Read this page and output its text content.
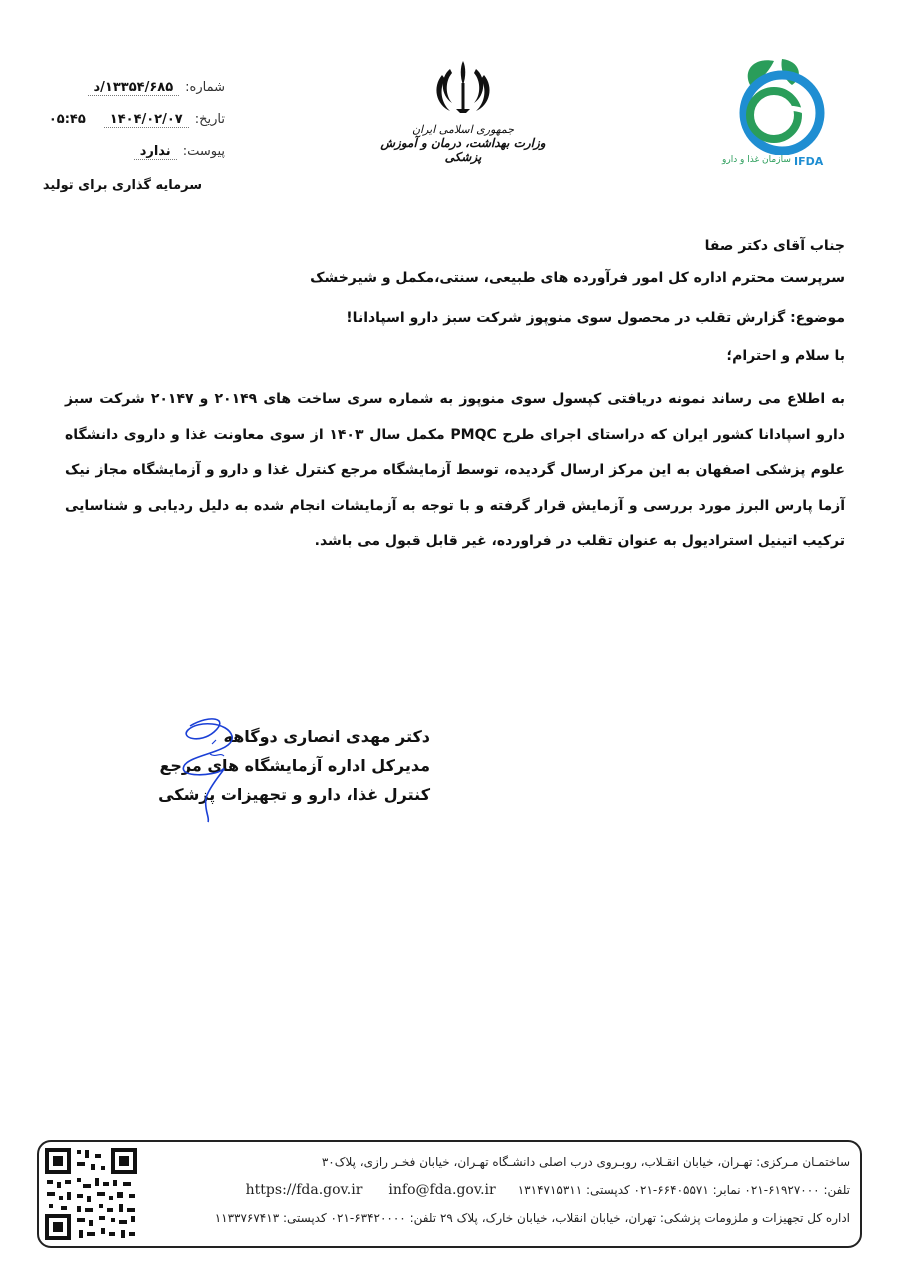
شماره:
۱۳۳۵۴/۶۸۵/د
تاریخ:
۱۴۰۴/۰۲/۰۷
۰۵:۴۵
پیوست:
ندارد
سرمایه گذاری برای تولید
جمهوری اسلامی ایران
وزارت بهداشت، درمان و آموزش پزشکی	سازمان غذا و دارو IFDA

جناب آقای دکتر صفا

سرپرست محترم اداره کل امور فرآورده های طبیعی، سنتی،مکمل و شیرخشک

موضوع: گزارش تقلب در محصول سوی منوپوز شرکت سبز دارو اسپادانا!

با سلام و احترام؛

به اطلاع می رساند نمونه دریافتی کپسول سوی منوپوز به شماره سری ساخت های ۲۰۱۴۹ و ۲۰۱۴۷ شرکت سبز دارو اسپادانا کشور ایران که دراستای اجرای طرح PMQC مکمل سال ۱۴۰۳ از سوی معاونت غذا و داروی دانشگاه علوم پزشکی اصفهان به این مرکز ارسال گردیده، توسط آزمایشگاه مرجع کنترل غذا و دارو و آزمایشگاه مجاز نیک آزما پارس البرز مورد بررسی و آزمایش قرار گرفته و با توجه به آزمایشات انجام شده به دلیل ردیابی و شناسایی ترکیب اتینیل استرادیول به عنوان تقلب در فراورده، غیر قابل قبول می باشد.

دکتر مهدی انصاری دوگاهه
مدیرکل اداره آزمایشگاه های مرجع
کنترل غذا، دارو و تجهیزات پزشکی
ساختمـان مـرکزی: تهـران، خیابان انقـلاب، روبـروی درب اصلی دانشـگاه تهـران، خیابان فخـر رازی، پلاک۳۰
تلفن: ۶۱۹۲۷۰۰۰-۰۲۱ نمابر: ۶۶۴۰۵۵۷۱-۰۲۱ کدپستی: ۱۳۱۴۷۱۵۳۱۱info@fda.gov.irhttps://fda.gov.ir
اداره کل تجهیزات و ملزومات پزشکی: تهران، خیابان انقلاب، خیابان خارک، پلاک ۲۹ تلفن: ۶۳۴۲۰۰۰۰-۰۲۱ کدپستی: ۱۱۳۳۷۶۷۴۱۳
